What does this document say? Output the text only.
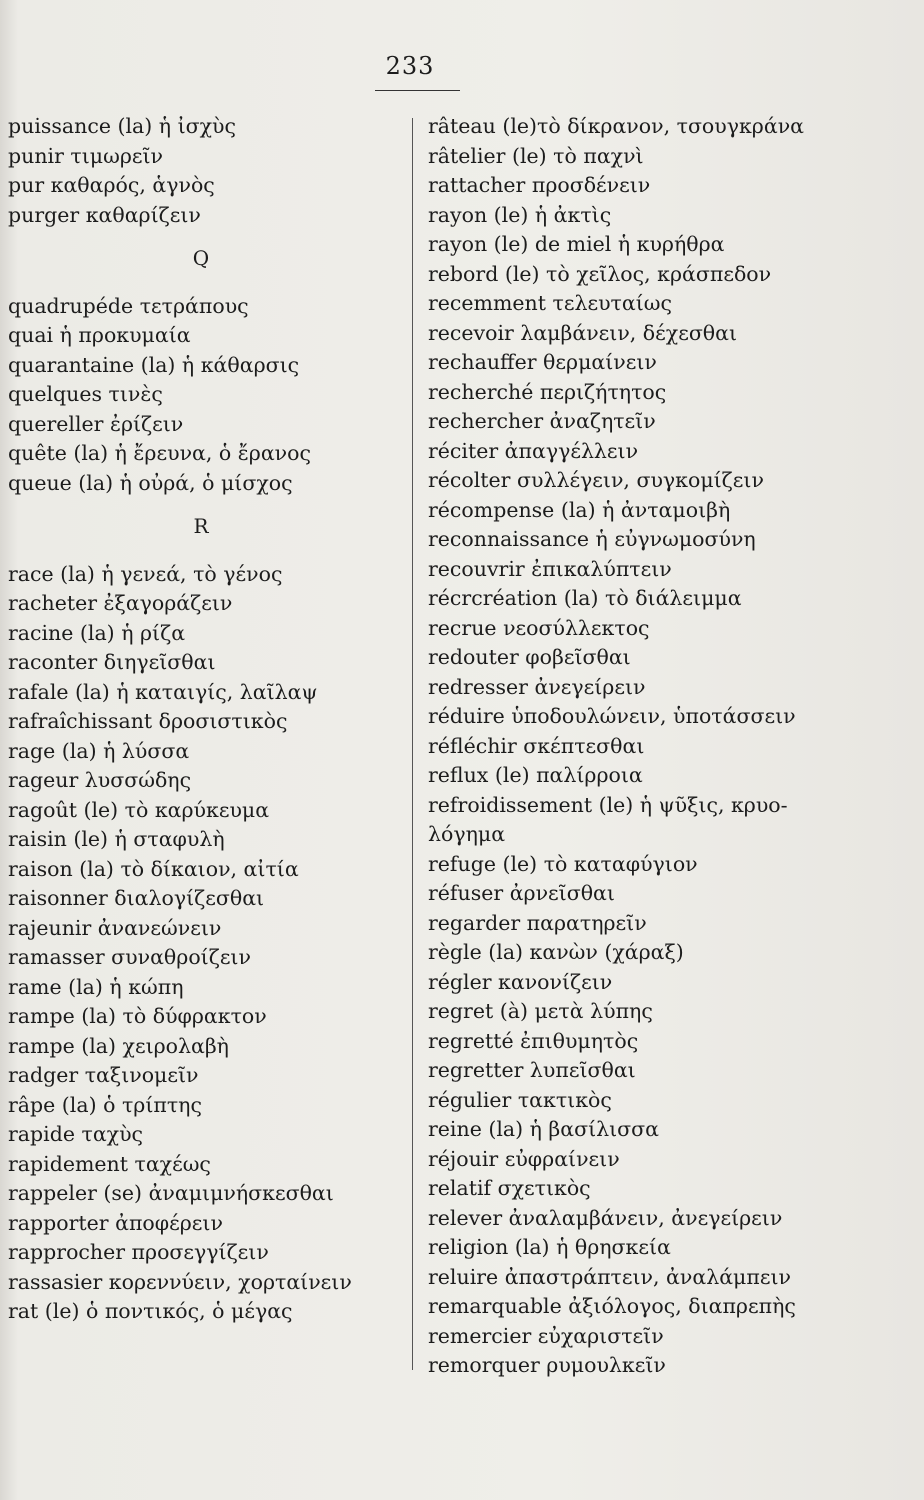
233
puissance (la) ἡ ἰσχὺς
punir τιμωρεῖν
pur καθαρός, ἁγνὸς
purger καθαρίζειν
Q
quadrupéde τετράπους
quai ἡ προκυμαία
quarantaine (la) ἡ κάθαρσις
quelques τινὲς
quereller ἐρίζειν
quête (la) ἡ ἔρευνα, ὁ ἔρανος
queue (la) ἡ οὐρά, ὁ μίσχος
R
race (la) ἡ γενεά, τὸ γένος
racheter ἐξαγοράζειν
racine (la) ἡ ρίζα
raconter διηγεῖσθαι
rafale (la) ἡ καταιγίς, λαῖλαψ
rafraîchissant δροσιστικὸς
rage (la) ἡ λύσσα
rageur λυσσώδης
ragoût (le) τὸ καρύκευμα
raisin (le) ἡ σταφυλὴ
raison (la) τὸ δίκαιον, αἰτία
raisonner διαλογίζεσθαι
rajeunir ἀνανεώνειν
ramasser συναθροίζειν
rame (la) ἡ κώπη
rampe (la) τὸ δύφρακτον
rampe (la) χειρολαβὴ
radger ταξινομεῖν
râpe (la) ὁ τρίπτης
rapide ταχὺς
rapidement ταχέως
rappeler (se) ἀναμιμνήσκεσθαι
rapporter ἀποφέρειν
rapprocher προσεγγίζειν
rassasier κορεννύειν, χορταίνειν
rat (le) ὁ ποντικός, ὁ μέγας
râteau (le)τὸ δίκρανον, τσουγκράνα
râtelier (le) τὸ παχνὶ
rattacher προσδένειν
rayon (le) ἡ ἀκτὶς
rayon (le) de miel ἡ κυρήθρα
rebord (le) τὸ χεῖλος, κράσπεδον
recemment τελευταίως
recevoir λαμβάνειν, δέχεσθαι
rechauffer θερμαίνειν
recherché περιζήτητος
rechercher ἀναζητεῖν
réciter ἀπαγγέλλειν
récolter συλλέγειν, συγκομίζειν
récompense (la) ἡ ἀνταμοιβὴ
reconnaissance ἡ εὐγνωμοσύνη
recouvrir ἐπικαλύπτειν
récrcréation (la) τὸ διάλειμμα
recrue νεοσύλλεκτος
redouter φοβεῖσθαι
redresser ἀνεγείρειν
réduire ὑποδουλώνειν, ὑποτάσσειν
réfléchir σκέπτεσθαι
reflux (le) παλίρροια
refroidissement (le) ἡ ψῦξις, κρυο-
λόγημα
refuge (le) τὸ καταφύγιον
réfuser ἀρνεῖσθαι
regarder παρατηρεῖν
règle (la) κανὼν (χάραξ)
régler κανονίζειν
regret (à) μετὰ λύπης
regretté ἐπιθυμητὸς
regretter λυπεῖσθαι
régulier τακτικὸς
reine (la) ἡ βασίλισσα
réjouir εὐφραίνειν
relatif σχετικὸς
relever ἀναλαμβάνειν, ἀνεγείρειν
religion (la) ἡ θρησκεία
reluire ἀπαστράπτειν, ἀναλάμπειν
remarquable ἀξιόλογος, διαπρεπὴς
remercier εὐχαριστεῖν
remorquer ρυμουλκεῖν
